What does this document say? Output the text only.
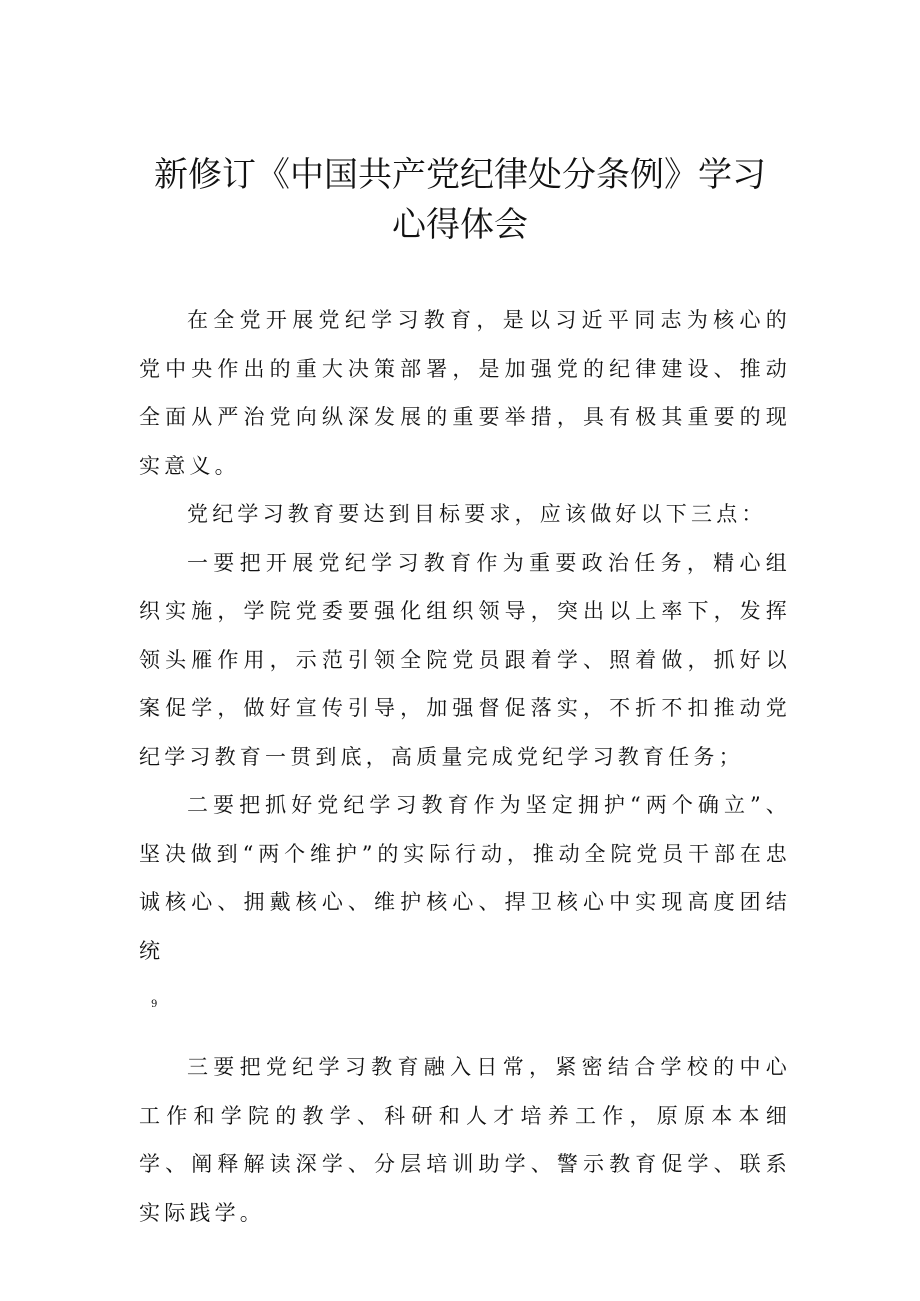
新修订《中国共产党纪律处分条例》学习
心得体会

在全党开展党纪学习教育，是以习近平同志为核心的党中央作出的重大决策部署，是加强党的纪律建设、推动全面从严治党向纵深发展的重要举措，具有极其重要的现实意义。

党纪学习教育要达到目标要求，应该做好以下三点：

一要把开展党纪学习教育作为重要政治任务，精心组织实施，学院党委要强化组织领导，突出以上率下，发挥领头雁作用，示范引领全院党员跟着学、照着做，抓好以案促学，做好宣传引导，加强督促落实，不折不扣推动党纪学习教育一贯到底，高质量完成党纪学习教育任务；

二要把抓好党纪学习教育作为坚定拥护“两个确立”、坚决做到“两个维护”的实际行动，推动全院党员干部在忠诚核心、拥戴核心、维护核心、捍卫核心中实现高度团结统

9

三要把党纪学习教育融入日常，紧密结合学校的中心工作和学院的教学、科研和人才培养工作，原原本本细学、阐释解读深学、分层培训助学、警示教育促学、联系实际践学。
